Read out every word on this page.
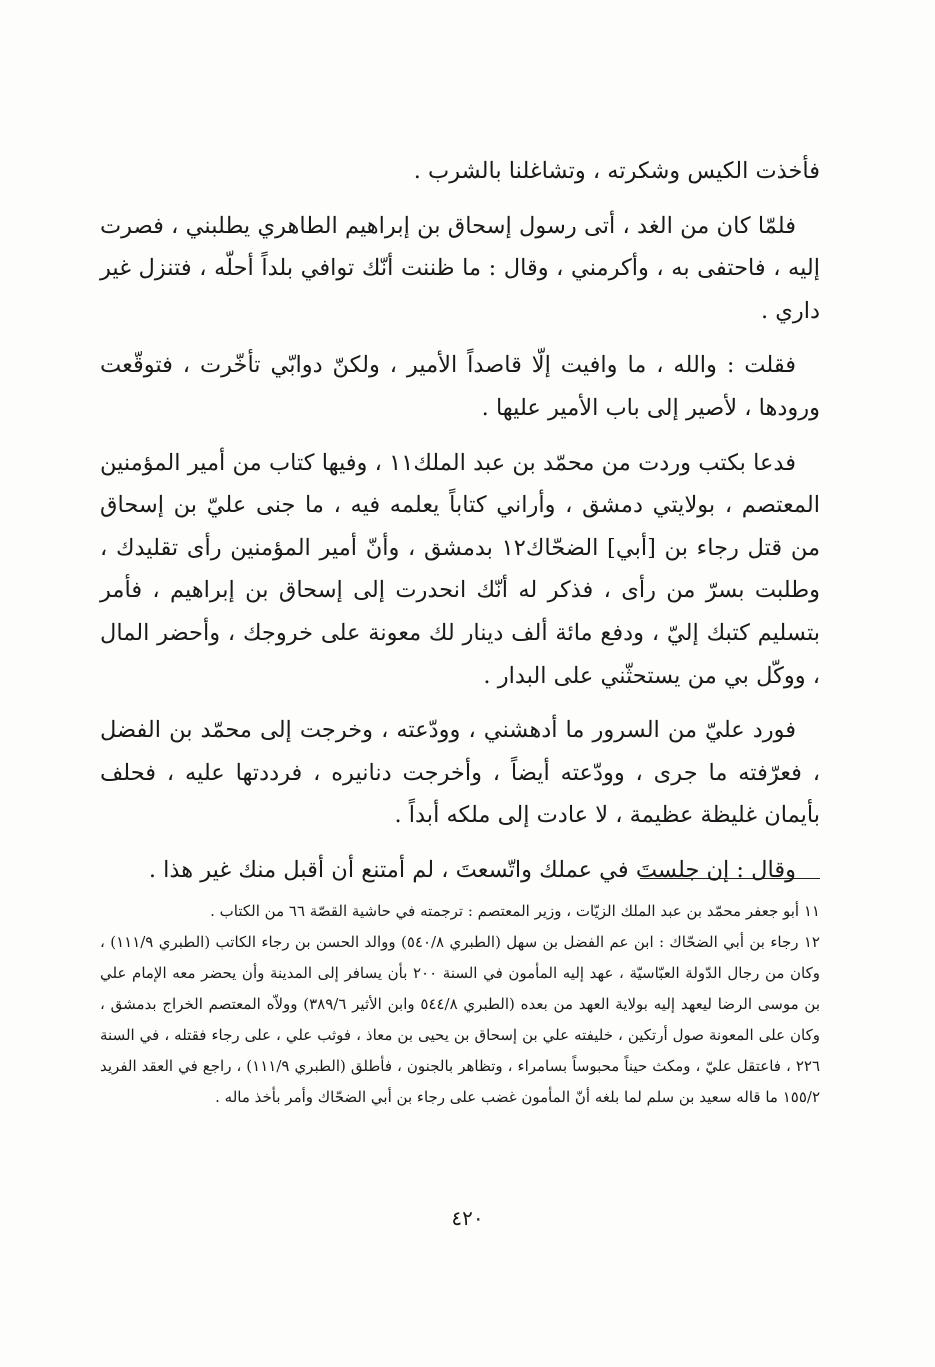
فأخذت الكيس وشكرته ، وتشاغلنا بالشرب .

فلمّا كان من الغد ، أتى رسول إسحاق بن إبراهيم الطاهري يطلبني ، فصرت إليه ، فاحتفى به ، وأكرمني ، وقال : ما ظننت أنّك توافي بلداً أحلّه ، فتنزل غير داري .

فقلت : والله ، ما وافيت إلّا قاصداً الأمير ، ولكنّ دوابّي تأخّرت ، فتوقّعت ورودها ، لأصير إلى باب الأمير عليها .

فدعا بكتب وردت من محمّد بن عبد الملك١١ ، وفيها كتاب من أمير المؤمنين المعتصم ، بولايتي دمشق ، وأراني كتاباً يعلمه فيه ، ما جنى عليّ بن إسحاق من قتل رجاء بن [أبي] الضحّاك١٢ بدمشق ، وأنّ أمير المؤمنين رأى تقليدك ، وطلبت بسرّ من رأى ، فذكر له أنّك انحدرت إلى إسحاق بن إبراهيم ، فأمر بتسليم كتبك إليّ ، ودفع مائة ألف دينار لك معونة على خروجك ، وأحضر المال ، ووكّل بي من يستحثّني على البدار .

فورد عليّ من السرور ما أدهشني ، وودّعته ، وخرجت إلى محمّد بن الفضل ، فعرّفته ما جرى ، وودّعته أيضاً ، وأخرجت دنانيره ، فرددتها عليه ، فحلف بأيمان غليظة عظيمة ، لا عادت إلى ملكه أبداً .

وقال : إن جلستَ في عملك واتّسعتَ ، لم أمتنع أن أقبل منك غير هذا .

١١ أبو جعفر محمّد بن عبد الملك الزيّات ، وزير المعتصم : ترجمته في حاشية القصّة ٦٦ من الكتاب .

١٢ رجاء بن أبي الضحّاك : ابن عم الفضل بن سهل (الطبري ٥٤٠/٨) ووالد الحسن بن رجاء الكاتب (الطبري ١١١/٩) ، وكان من رجال الدّولة العبّاسيّة ، عهد إليه المأمون في السنة ٢٠٠ بأن يسافر إلى المدينة وأن يحضر معه الإمام علي بن موسى الرضا ليعهد إليه بولاية العهد من بعده (الطبري ٥٤٤/٨ وابن الأثير ٣٨٩/٦) وولاّه المعتصم الخراج بدمشق ، وكان على المعونة صول أرتكين ، خليفته علي بن إسحاق بن يحيى بن معاذ ، فوثب علي ، على رجاء فقتله ، في السنة ٢٢٦ ، فاعتقل عليّ ، ومكث حيناً محبوساً بسامراء ، وتظاهر بالجنون ، فأطلق (الطبري ١١١/٩) ، راجع في العقد الفريد ١٥٥/٢ ما قاله سعيد بن سلم لما بلغه أنّ المأمون غضب على رجاء بن أبي الضحّاك وأمر بأخذ ماله .

٤٢٠
